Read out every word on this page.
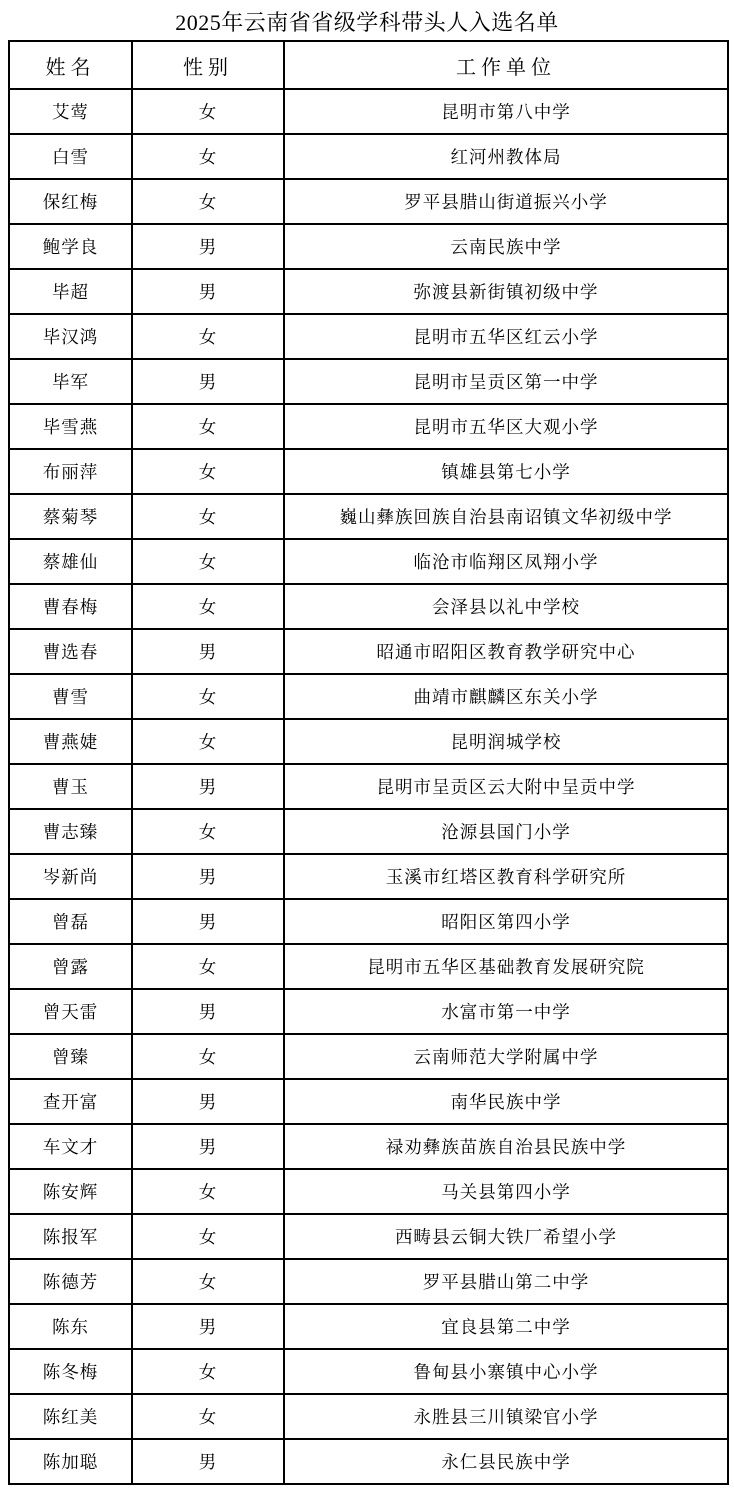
2025年云南省省级学科带头人入选名单
姓名	性别	工作单位
艾莺	女	昆明市第八中学
白雪	女	红河州教体局
保红梅	女	罗平县腊山街道振兴小学
鲍学良	男	云南民族中学
毕超	男	弥渡县新街镇初级中学
毕汉鸿	女	昆明市五华区红云小学
毕军	男	昆明市呈贡区第一中学
毕雪燕	女	昆明市五华区大观小学
布丽萍	女	镇雄县第七小学
蔡菊琴	女	巍山彝族回族自治县南诏镇文华初级中学
蔡雄仙	女	临沧市临翔区凤翔小学
曹春梅	女	会泽县以礼中学校
曹选春	男	昭通市昭阳区教育教学研究中心
曹雪	女	曲靖市麒麟区东关小学
曹燕婕	女	昆明润城学校
曹玉	男	昆明市呈贡区云大附中呈贡中学
曹志臻	女	沧源县国门小学
岑新尚	男	玉溪市红塔区教育科学研究所
曾磊	男	昭阳区第四小学
曾露	女	昆明市五华区基础教育发展研究院
曾天雷	男	水富市第一中学
曾臻	女	云南师范大学附属中学
查开富	男	南华民族中学
车文才	男	禄劝彝族苗族自治县民族中学
陈安辉	女	马关县第四小学
陈报军	女	西畴县云铜大铁厂希望小学
陈德芳	女	罗平县腊山第二中学
陈东	男	宜良县第二中学
陈冬梅	女	鲁甸县小寨镇中心小学
陈红美	女	永胜县三川镇梁官小学
陈加聪	男	永仁县民族中学
